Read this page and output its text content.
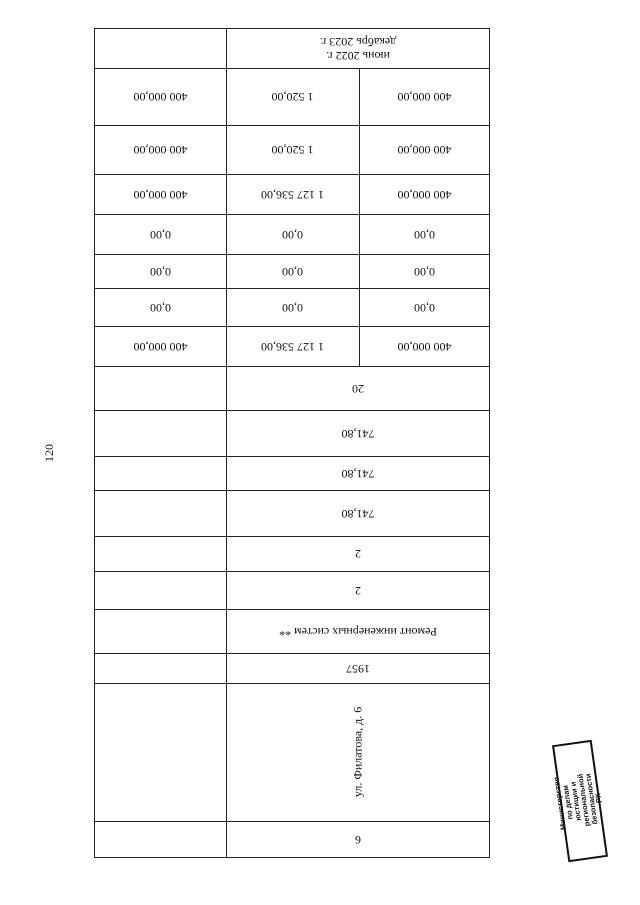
120
июнь 2022 г.
декабрь 2023 г.
400 000,00	1 520,00	400 000,00
400 000,00	1 520,00	400 000,00
400 000,00	1 127 536,00	400 000,00
0,00	0,00	0,00
0,00	0,00	0,00
0,00	0,00	0,00
400 000,00	1 127 536,00	400 000,00
20
741,80
741,80
741,80
2
2
Ремонт инженерных систем **
1957
ул. Филатова, д. 6
6
Министерство по делам юстиции и региональной безопасности РХ
